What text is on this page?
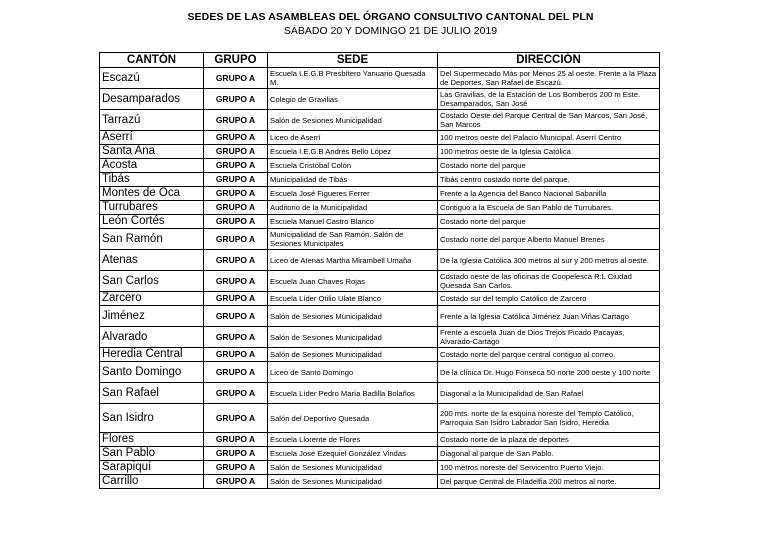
SEDES DE LAS ASAMBLEAS DEL ÓRGANO CONSULTIVO CANTONAL DEL PLN
SÁBADO 20 Y DOMINGO 21 DE JULIO 2019
CANTÓN	GRUPO	SEDE	DIRECCIÓN
Escazú	GRUPO A	Escuela I.E.G.B Presbítero Yanuario Quesada M.	Del Supermecado Más por Menos 25 al oeste. Frente a la Plaza de Deportes. San Rafael de Escazú.
Desamparados	GRUPO A	Colegio de Gravilias	Las Gravilias, de la Estación de Los Bomberos 200 m Este. Desamparados, San José
Tarrazú	GRUPO A	Salón de Sesiones Municipalidad	Costado Oeste del Parque Central de San Marcos, San José, San Marcos
Aserrí	GRUPO A	Liceo de Aserrí	100 metros oeste del Palacio Municipal. Aserrí Centro
Santa Ana	GRUPO A	Escuela I.E.G.B Andrés Bello López	100 metros oeste de la Iglesia Católica
Acosta	GRUPO A	Escuela Cristóbal Colón	Costado norte del parque
Tibás	GRUPO A	Municipalidad de Tibás	Tibás centro costado norte del parque.
Montes de Oca	GRUPO A	Escuela José Figueres Ferrer	Frente a la Agencia del Banco Nacional Sabanilla
Turrubares	GRUPO A	Auditorio de la Municipalidad	Contiguo a la Escuela de San Pablo de Turrubares.
León Cortés	GRUPO A	Escuela Manuel Castro Blanco	Costado norte del parque
San Ramón	GRUPO A	Municipalidad de San Ramón. Salón de Sesiones Municipales	Costado norte del parque Alberto Manuel Brenes
Atenas	GRUPO A	Liceo de Atenas Martha Mirambell Umaña	De la Iglesia Católica 300 metros al sur y 200 metros al oeste.
San Carlos	GRUPO A	Escuela Juan Chaves Rojas	Costado oeste de las oficinas de Coopelesca R:L Ciudad Quesada San Carlos.
Zarcero	GRUPO A	Escuela Líder Otilio Ulate Blanco	Costado sur del templo Católico de Zarcero
Jiménez	GRUPO A	Salón de Sesiones Municipalidad	Frente a la Iglesia Católica Jiménez Juan Viñas Cartago
Alvarado	GRUPO A	Salón de Sesiones Municipalidad	Frente a escuela Juan de Dios Trejos Picado Pacayas, Alvarado-Cartago
Heredia Central	GRUPO A	Salón de Sesiones Municipalidad	Costado norte del parque central contiguo al correo.
Santo Domingo	GRUPO A	Liceo de Santo Domingo	De la clínica Dr. Hugo Fonseca 50 norte 200 oeste y 100 norte
San Rafael	GRUPO A	Escuela Líder Pedro María Badilla Bolaños	Diagonal a la Municipalidad de San Rafael
San Isidro	GRUPO A	Salón del Deportivo Quesada	200 mts. norte de la esquina noreste del Templo Católico, Parroquia San Isidro Labrador San Isidro, Heredia
Flores	GRUPO A	Escuela Llorente de Flores	Costado norte de la plaza de deportes
San Pablo	GRUPO A	Escuela José Ezequiel González Vindas	Diagonal al parque de San Pablo.
Sarapiquí	GRUPO A	Salón de Sesiones Municipalidad	100 metros noreste del Servicentro Puerto Viejo.
Carrillo	GRUPO A	Salón de Sesiones Municipalidad	Del parque Central de Filadelfia 200 metros al norte.
